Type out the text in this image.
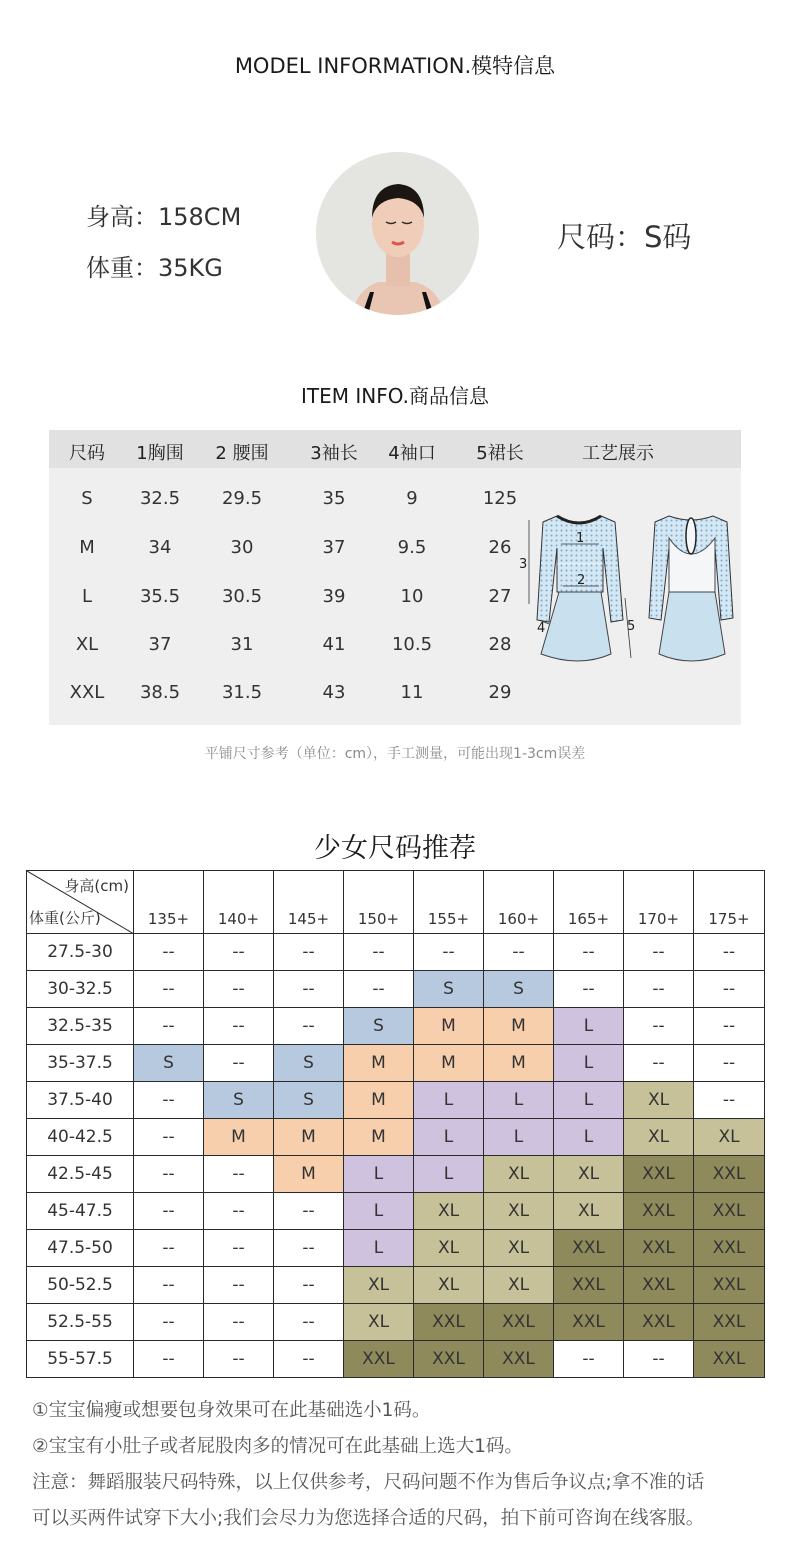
MODEL INFORMATION.模特信息
身高：158CM
体重：35KG
尺码：S码
ITEM INFO.商品信息
尺码	1胸围	2 腰围	3袖长	4袖口	5裙长	工艺展示
S	32.5	29.5	35	9	125
M	34	30	37	9.5	26
L	35.5	30.5	39	10	27
XL	37	31	41	10.5	28
XXL	38.5	31.5	43	11	29
1
2
3
4	5
平铺尺寸参考（单位：cm），手工测量，可能出现1-3cm误差
少女尺码推荐
身高(cm)
体重(公斤)	135+	140+	145+	150+	155+	160+	165+	170+	175+
27.5-30	--	--	--	--	--	--	--	--	--
30-32.5	--	--	--	--	S	S	--	--	--
32.5-35	--	--	--	S	M	M	L	--	--
35-37.5	S	--	S	M	M	M	L	--	--
37.5-40	--	S	S	M	L	L	L	XL	--
40-42.5	--	M	M	M	L	L	L	XL	XL
42.5-45	--	--	M	L	L	XL	XL	XXL	XXL
45-47.5	--	--	--	L	XL	XL	XL	XXL	XXL
47.5-50	--	--	--	L	XL	XL	XXL	XXL	XXL
50-52.5	--	--	--	XL	XL	XL	XXL	XXL	XXL
52.5-55	--	--	--	XL	XXL	XXL	XXL	XXL	XXL
55-57.5	--	--	--	XXL	XXL	XXL	--	--	XXL
①宝宝偏瘦或想要包身效果可在此基础选小1码。
②宝宝有小肚子或者屁股肉多的情况可在此基础上选大1码。
注意：舞蹈服装尺码特殊，以上仅供参考，尺码问题不作为售后争议点;拿不准的话
可以买两件试穿下大小;我们会尽力为您选择合适的尺码，拍下前可咨询在线客服。
